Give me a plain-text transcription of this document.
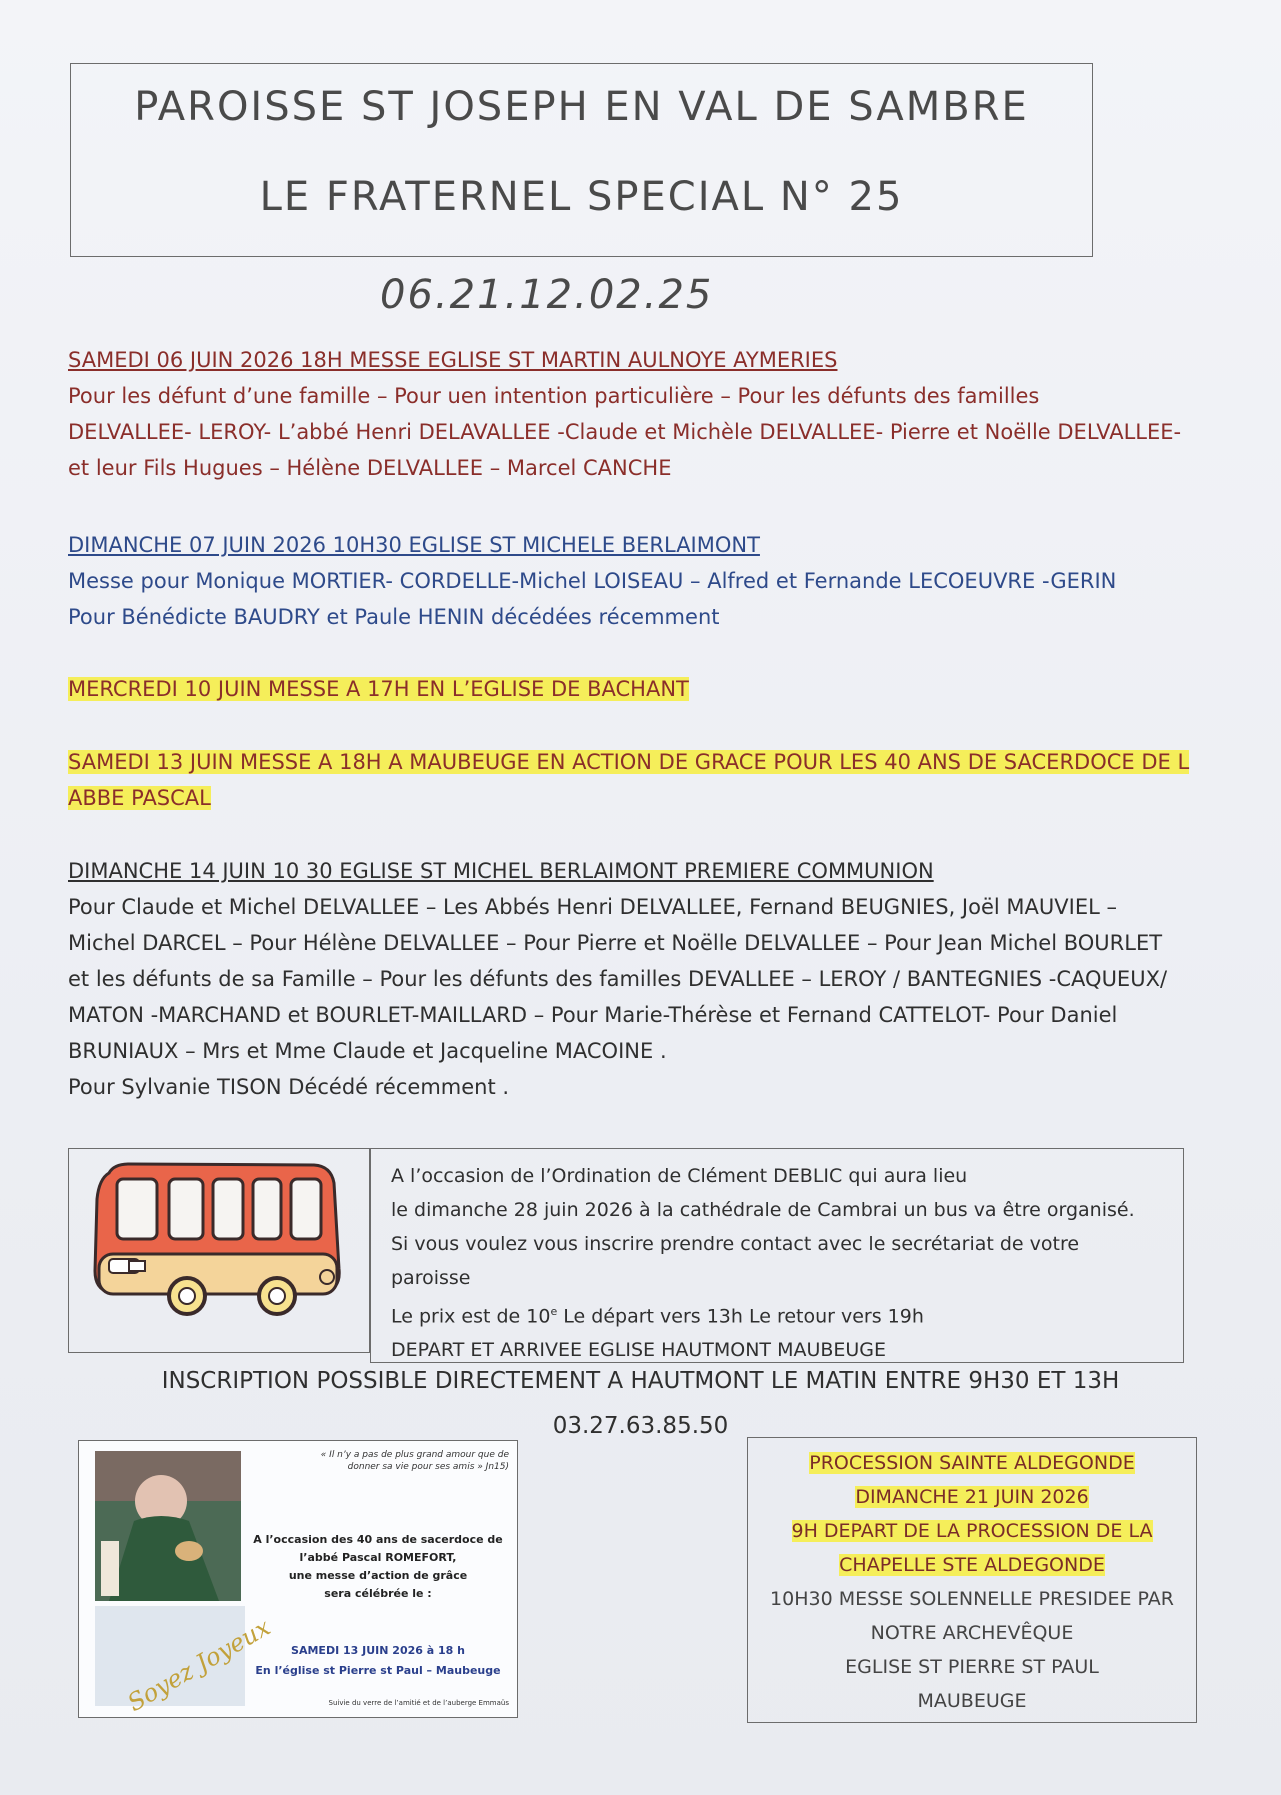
PAROISSE ST JOSEPH EN VAL DE SAMBRE
LE FRATERNEL SPECIAL N° 25
06.21.12.02.25
SAMEDI 06 JUIN 2026 18H MESSE EGLISE ST MARTIN AULNOYE AYMERIES
Pour les défunt d’une famille – Pour uen intention particulière – Pour les défunts des familles
DELVALLEE- LEROY- L’abbé Henri DELAVALLEE -Claude et Michèle DELVALLEE- Pierre et Noëlle DELVALLEE-
et leur Fils Hugues – Hélène DELVALLEE – Marcel CANCHE
DIMANCHE 07 JUIN 2026 10H30 EGLISE ST MICHELE BERLAIMONT
Messe pour Monique MORTIER- CORDELLE-Michel LOISEAU – Alfred et Fernande LECOEUVRE -GERIN
Pour Bénédicte BAUDRY et Paule HENIN décédées récemment
MERCREDI 10 JUIN MESSE A 17H EN L’EGLISE DE BACHANT
SAMEDI 13 JUIN MESSE A 18H A MAUBEUGE EN ACTION DE GRACE POUR LES 40 ANS DE SACERDOCE DE L
ABBE PASCAL
DIMANCHE 14 JUIN 10 30 EGLISE ST MICHEL BERLAIMONT PREMIERE COMMUNION
Pour Claude et Michel DELVALLEE – Les Abbés Henri DELVALLEE, Fernand BEUGNIES, Joël MAUVIEL –
Michel DARCEL – Pour Hélène DELVALLEE – Pour Pierre et Noëlle DELVALLEE – Pour Jean Michel BOURLET
et les défunts de sa Famille – Pour les défunts des familles DEVALLEE – LEROY / BANTEGNIES -CAQUEUX/
MATON -MARCHAND et BOURLET-MAILLARD – Pour Marie-Thérèse et Fernand CATTELOT- Pour Daniel
BRUNIAUX – Mrs et Mme Claude et Jacqueline MACOINE .
Pour Sylvanie TISON Décédé récemment .
A l’occasion de l’Ordination de Clément DEBLIC qui aura lieu
le dimanche 28 juin 2026 à la cathédrale de Cambrai un bus va être organisé.
Si vous voulez vous inscrire prendre contact avec le secrétariat de votre
paroisse
Le prix est de 10e Le départ vers 13h Le retour vers 19h
DEPART ET ARRIVEE EGLISE HAUTMONT MAUBEUGE
INSCRIPTION POSSIBLE DIRECTEMENT A HAUTMONT LE MATIN ENTRE 9H30 ET 13H
03.27.63.85.50
« Il n’y a pas de plus grand amour que de donner sa vie pour ses amis » Jn15)
A l’occasion des 40 ans de sacerdoce de
l’abbé Pascal ROMEFORT,
une messe d’action de grâce
sera célébrée le :
SAMEDI 13 JUIN 2026 à 18 h
En l’église st Pierre st Paul – Maubeuge
Suivie du verre de l’amitié et de l’auberge Emmaüs
Soyez Joyeux
PROCESSION SAINTE ALDEGONDE
DIMANCHE 21 JUIN 2026
9H DEPART DE LA PROCESSION DE LA
CHAPELLE STE ALDEGONDE
10H30 MESSE SOLENNELLE PRESIDEE PAR
NOTRE ARCHEVÊQUE
EGLISE ST PIERRE ST PAUL
MAUBEUGE
